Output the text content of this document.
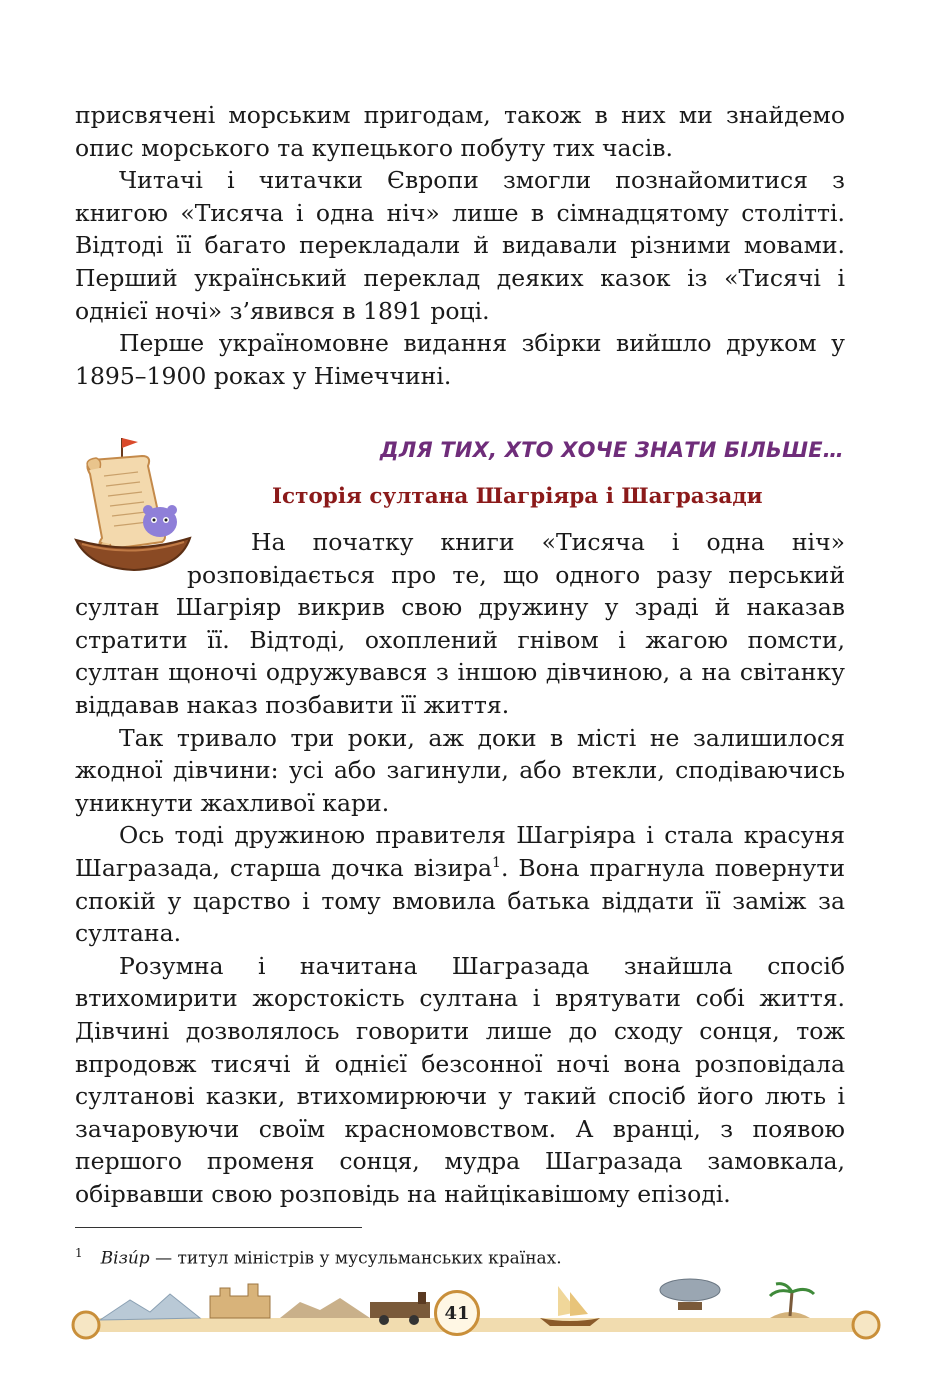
присвячені морським пригодам, також в них ми знайдемо опис морського та купецького побуту тих часів.

Читачі і читачки Європи змогли познайомитися з книгою «Тисяча і одна ніч» лише в сімнадцятому столітті. Відтоді її багато перекладали й видавали різними мовами. Перший український переклад деяких казок із «Тисячі і однієї ночі» з’явився в 1891 році.

Перше україномовне видання збірки вийшло друком у 1895–1900 роках у Німеччині.

ДЛЯ ТИХ, ХТО ХОЧЕ ЗНАТИ БІЛЬШЕ…
Історія султана Шагріяра і Шагразади

На початку книги «Тисяча і одна ніч» розповідається про те, що одного разу перський султан Шагріяр викрив свою дружину у зраді й наказав стратити її. Відтоді, охоплений гнівом і жагою помсти, султан щоночі одружувався з іншою дівчиною, а на світанку віддавав наказ позбавити її життя.

Так тривало три роки, аж доки в місті не залишилося жодної дівчини: усі або загинули, або втекли, сподіваючись уникнути жахливої кари.

Ось тоді дружиною правителя Шагріяра і стала красуня Шагразада, старша дочка візира$^1$. Вона прагнула повернути спокій у царство і тому вмовила батька віддати її заміж за султана.

Розумна і начитана Шагразада знайшла спосіб втихомирити жорстокість султана і врятувати собі життя. Дівчині дозволялось говорити лише до сходу сонця, тож впродовж тисячі й однієї безсонної ночі вона розповідала султанові казки, втихомирюючи у такий спосіб його лють і зачаровуючи своїм красномовством. А вранці, з появою першого променя сонця, мудра Шагразада замовкала, обірвавши свою розповідь на найцікавішому епізоді.

$^1$ Візи́р — титул міністрів у мусульманських країнах.
41
